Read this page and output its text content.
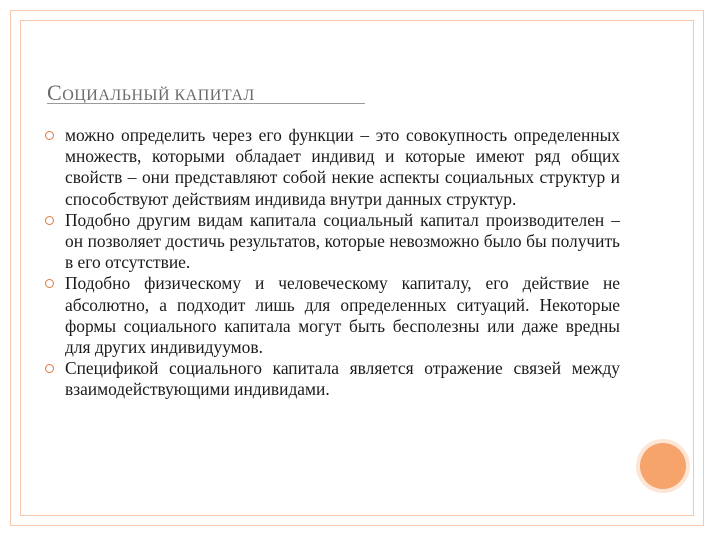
СОЦИАЛЬНЫЙ КАПИТАЛ
можно определить через его функции – это совокупность определенных множеств, которыми обладает индивид и которые имеют ряд общих свойств – они представляют собой некие аспекты социальных структур и способствуют действиям индивида внутри данных структур.
Подобно другим видам капитала социальный капитал производителен – он позволяет достичь результатов, которые невозможно было бы получить в его отсутствие.
Подобно физическому и человеческому капиталу, его действие не абсолютно, а подходит лишь для определенных ситуаций. Некоторые формы социального капитала могут быть бесполезны или даже вредны для других индивидуумов.
Спецификой социального капитала является отражение связей между взаимодействующими индивидами.
